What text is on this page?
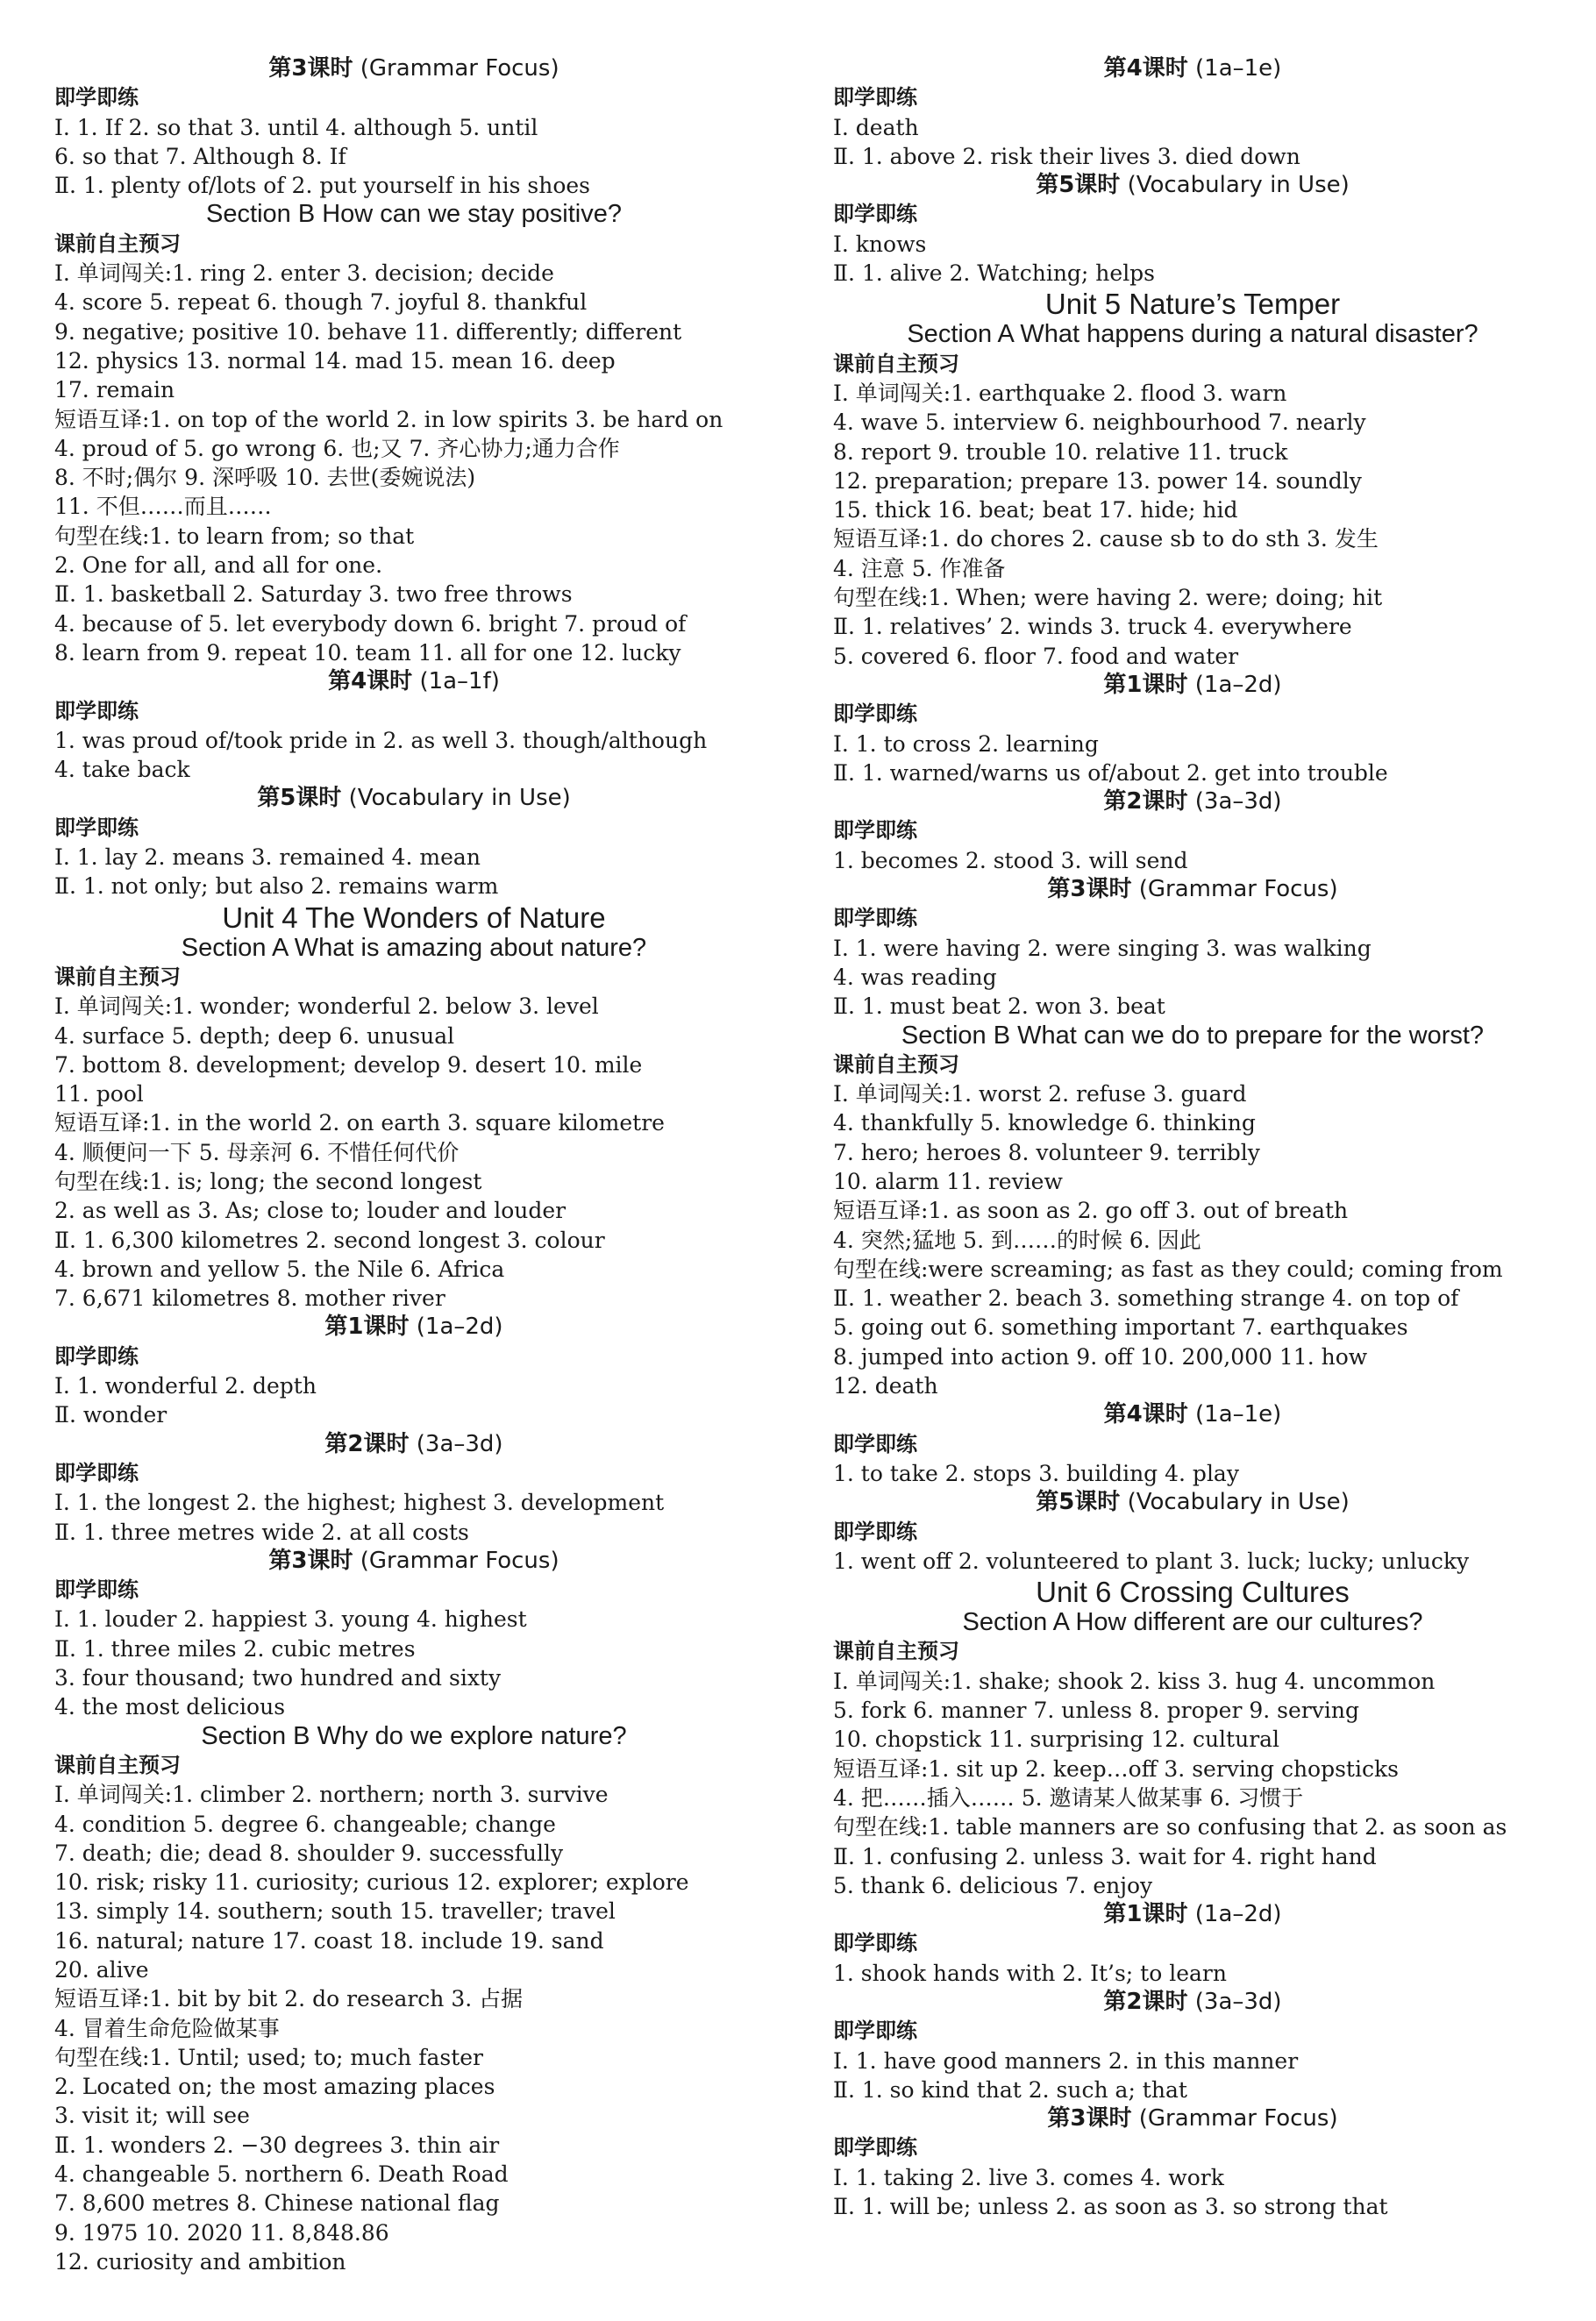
第3课时 (Grammar Focus)
即学即练
Ⅰ. 1. If 2. so that 3. until 4. although 5. until
6. so that 7. Although 8. If
Ⅱ. 1. plenty of/lots of 2. put yourself in his shoes
Section B How can we stay positive?
课前自主预习
Ⅰ. 单词闯关:1. ring 2. enter 3. decision; decide
4. score 5. repeat 6. though 7. joyful 8. thankful
9. negative; positive 10. behave 11. differently; different
12. physics 13. normal 14. mad 15. mean 16. deep
17. remain
短语互译:1. on top of the world 2. in low spirits 3. be hard on
4. proud of 5. go wrong 6. 也;又 7. 齐心协力;通力合作
8. 不时;偶尔 9. 深呼吸 10. 去世(委婉说法)
11. 不但……而且……
句型在线:1. to learn from; so that
2. One for all, and all for one.
Ⅱ. 1. basketball 2. Saturday 3. two free throws
4. because of 5. let everybody down 6. bright 7. proud of
8. learn from 9. repeat 10. team 11. all for one 12. lucky
第4课时 (1a–1f)
即学即练
1. was proud of/took pride in 2. as well 3. though/although
4. take back
第5课时 (Vocabulary in Use)
即学即练
Ⅰ. 1. lay 2. means 3. remained 4. mean
Ⅱ. 1. not only; but also 2. remains warm
Unit 4 The Wonders of Nature
Section A What is amazing about nature?
课前自主预习
Ⅰ. 单词闯关:1. wonder; wonderful 2. below 3. level
4. surface 5. depth; deep 6. unusual
7. bottom 8. development; develop 9. desert 10. mile
11. pool
短语互译:1. in the world 2. on earth 3. square kilometre
4. 顺便问一下 5. 母亲河 6. 不惜任何代价
句型在线:1. is; long; the second longest
2. as well as 3. As; close to; louder and louder
Ⅱ. 1. 6,300 kilometres 2. second longest 3. colour
4. brown and yellow 5. the Nile 6. Africa
7. 6,671 kilometres 8. mother river
第1课时 (1a–2d)
即学即练
Ⅰ. 1. wonderful 2. depth
Ⅱ. wonder
第2课时 (3a–3d)
即学即练
Ⅰ. 1. the longest 2. the highest; highest 3. development
Ⅱ. 1. three metres wide 2. at all costs
第3课时 (Grammar Focus)
即学即练
Ⅰ. 1. louder 2. happiest 3. young 4. highest
Ⅱ. 1. three miles 2. cubic metres
3. four thousand; two hundred and sixty
4. the most delicious
Section B Why do we explore nature?
课前自主预习
Ⅰ. 单词闯关:1. climber 2. northern; north 3. survive
4. condition 5. degree 6. changeable; change
7. death; die; dead 8. shoulder 9. successfully
10. risk; risky 11. curiosity; curious 12. explorer; explore
13. simply 14. southern; south 15. traveller; travel
16. natural; nature 17. coast 18. include 19. sand
20. alive
短语互译:1. bit by bit 2. do research 3. 占据
4. 冒着生命危险做某事
句型在线:1. Until; used; to; much faster
2. Located on; the most amazing places
3. visit it; will see
Ⅱ. 1. wonders 2. −30 degrees 3. thin air
4. changeable 5. northern 6. Death Road
7. 8,600 metres 8. Chinese national flag
9. 1975 10. 2020 11. 8,848.86
12. curiosity and ambition
第4课时 (1a–1e)
即学即练
Ⅰ. death
Ⅱ. 1. above 2. risk their lives 3. died down
第5课时 (Vocabulary in Use)
即学即练
Ⅰ. knows
Ⅱ. 1. alive 2. Watching; helps
Unit 5 Nature’s Temper
Section A What happens during a natural disaster?
课前自主预习
Ⅰ. 单词闯关:1. earthquake 2. flood 3. warn
4. wave 5. interview 6. neighbourhood 7. nearly
8. report 9. trouble 10. relative 11. truck
12. preparation; prepare 13. power 14. soundly
15. thick 16. beat; beat 17. hide; hid
短语互译:1. do chores 2. cause sb to do sth 3. 发生
4. 注意 5. 作准备
句型在线:1. When; were having 2. were; doing; hit
Ⅱ. 1. relatives’ 2. winds 3. truck 4. everywhere
5. covered 6. floor 7. food and water
第1课时 (1a–2d)
即学即练
Ⅰ. 1. to cross 2. learning
Ⅱ. 1. warned/warns us of/about 2. get into trouble
第2课时 (3a–3d)
即学即练
1. becomes 2. stood 3. will send
第3课时 (Grammar Focus)
即学即练
Ⅰ. 1. were having 2. were singing 3. was walking
4. was reading
Ⅱ. 1. must beat 2. won 3. beat
Section B What can we do to prepare for the worst?
课前自主预习
Ⅰ. 单词闯关:1. worst 2. refuse 3. guard
4. thankfully 5. knowledge 6. thinking
7. hero; heroes 8. volunteer 9. terribly
10. alarm 11. review
短语互译:1. as soon as 2. go off 3. out of breath
4. 突然;猛地 5. 到……的时候 6. 因此
句型在线:were screaming; as fast as they could; coming from
Ⅱ. 1. weather 2. beach 3. something strange 4. on top of
5. going out 6. something important 7. earthquakes
8. jumped into action 9. off 10. 200,000 11. how
12. death
第4课时 (1a–1e)
即学即练
1. to take 2. stops 3. building 4. play
第5课时 (Vocabulary in Use)
即学即练
1. went off 2. volunteered to plant 3. luck; lucky; unlucky
Unit 6 Crossing Cultures
Section A How different are our cultures?
课前自主预习
Ⅰ. 单词闯关:1. shake; shook 2. kiss 3. hug 4. uncommon
5. fork 6. manner 7. unless 8. proper 9. serving
10. chopstick 11. surprising 12. cultural
短语互译:1. sit up 2. keep…off 3. serving chopsticks
4. 把……插入…… 5. 邀请某人做某事 6. 习惯于
句型在线:1. table manners are so confusing that 2. as soon as
Ⅱ. 1. confusing 2. unless 3. wait for 4. right hand
5. thank 6. delicious 7. enjoy
第1课时 (1a–2d)
即学即练
1. shook hands with 2. It’s; to learn
第2课时 (3a–3d)
即学即练
Ⅰ. 1. have good manners 2. in this manner
Ⅱ. 1. so kind that 2. such a; that
第3课时 (Grammar Focus)
即学即练
Ⅰ. 1. taking 2. live 3. comes 4. work
Ⅱ. 1. will be; unless 2. as soon as 3. so strong that
